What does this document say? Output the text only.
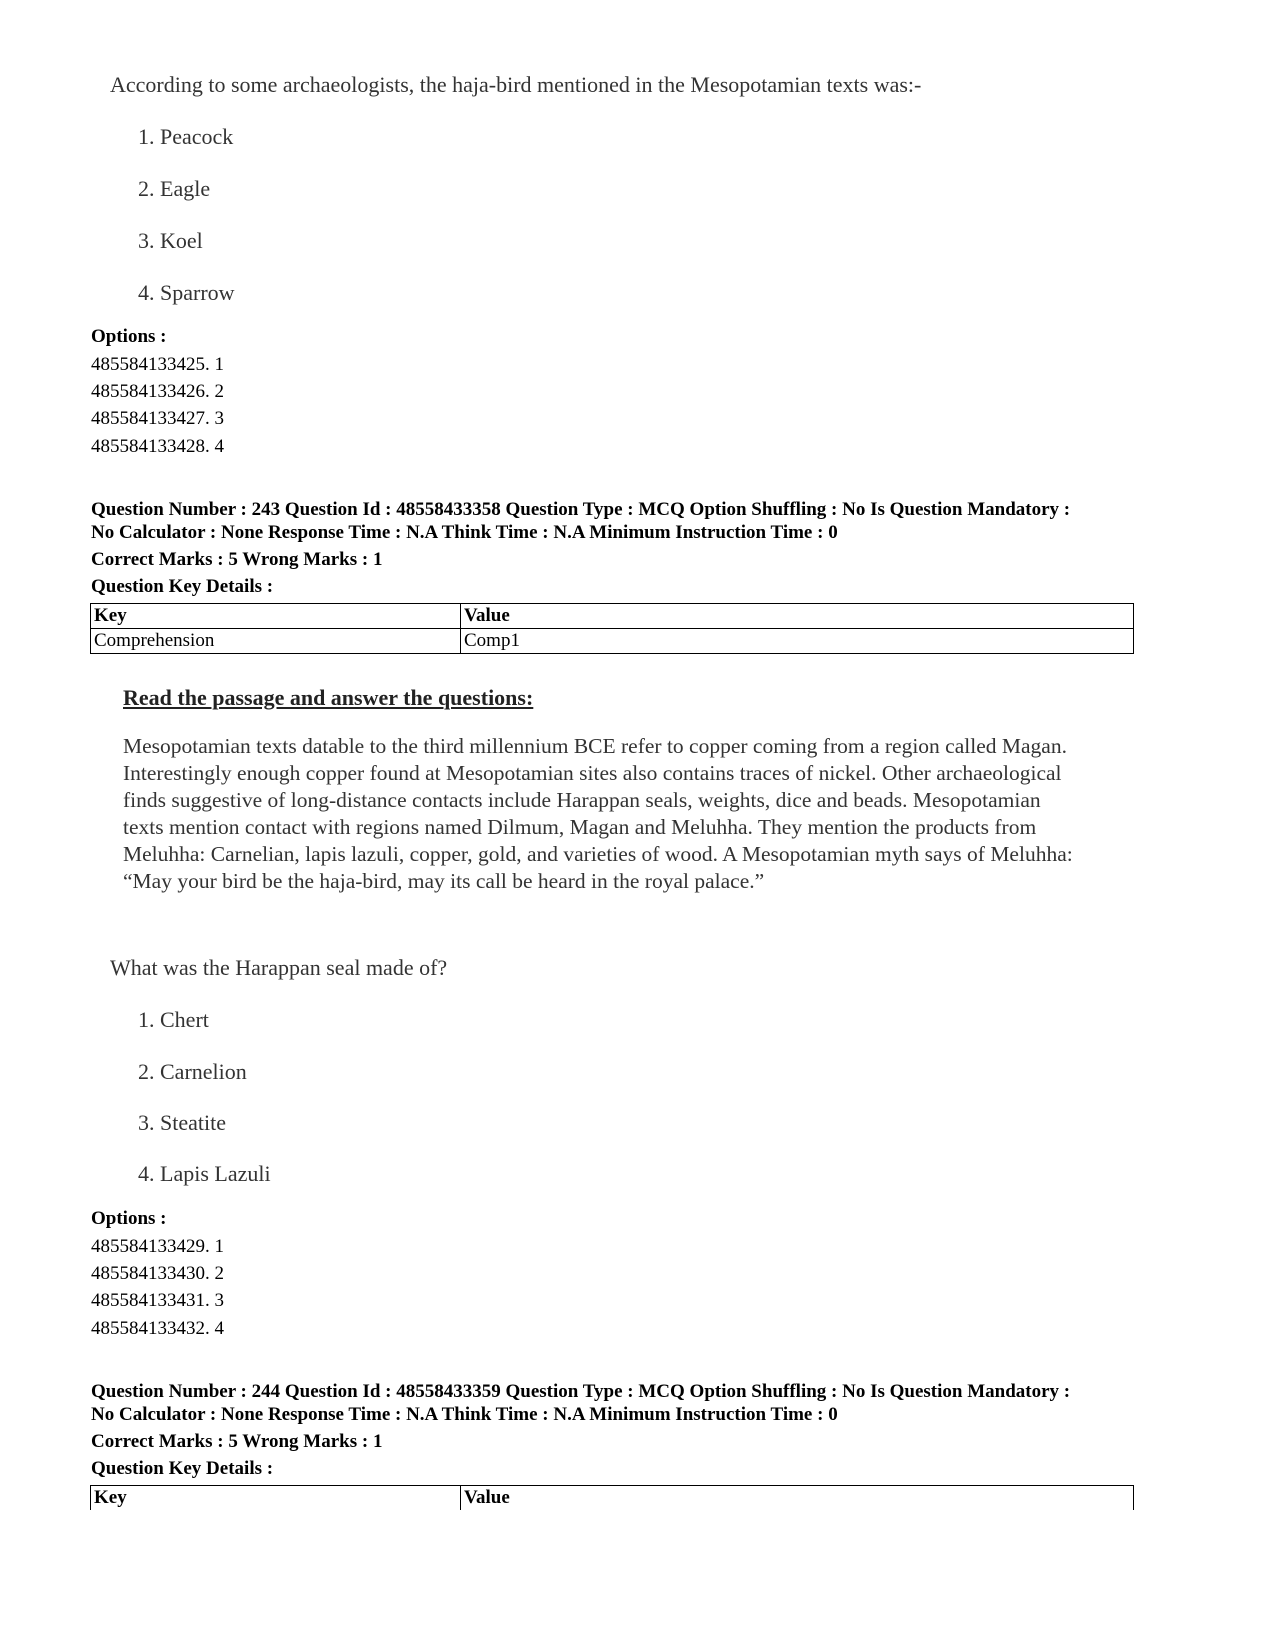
According to some archaeologists, the haja-bird mentioned in the Mesopotamian texts was:-
1. Peacock
2. Eagle
3. Koel
4. Sparrow
Options :
485584133425. 1
485584133426. 2
485584133427. 3
485584133428. 4
Question Number : 243 Question Id : 48558433358 Question Type : MCQ Option Shuffling : No Is Question Mandatory :
No Calculator : None Response Time : N.A Think Time : N.A Minimum Instruction Time : 0
Correct Marks : 5 Wrong Marks : 1
Question Key Details :
Key	Value
Comprehension	Comp1
Read the passage and answer the questions:
Mesopotamian texts datable to the third millennium BCE refer to copper coming from a region called Magan.
Interestingly enough copper found at Mesopotamian sites also contains traces of nickel. Other archaeological
finds suggestive of long-distance contacts include Harappan seals, weights, dice and beads. Mesopotamian
texts mention contact with regions named Dilmum, Magan and Meluhha. They mention the products from
Meluhha: Carnelian, lapis lazuli, copper, gold, and varieties of wood. A Mesopotamian myth says of Meluhha:
“May your bird be the haja-bird, may its call be heard in the royal palace.”
What was the Harappan seal made of?
1. Chert
2. Carnelion
3. Steatite
4. Lapis Lazuli
Options :
485584133429. 1
485584133430. 2
485584133431. 3
485584133432. 4
Question Number : 244 Question Id : 48558433359 Question Type : MCQ Option Shuffling : No Is Question Mandatory :
No Calculator : None Response Time : N.A Think Time : N.A Minimum Instruction Time : 0
Correct Marks : 5 Wrong Marks : 1
Question Key Details :
Key	Value
